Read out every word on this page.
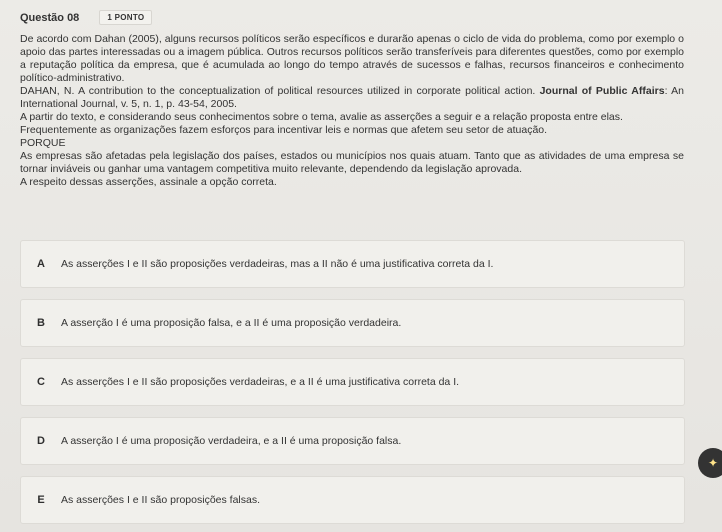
Questão 08	1 PONTO
De acordo com Dahan (2005), alguns recursos políticos serão específicos e durarão apenas o ciclo de vida do problema, como por exemplo o apoio das partes interessadas ou a imagem pública. Outros recursos políticos serão transferíveis para diferentes questões, como por exemplo a reputação política da empresa, que é acumulada ao longo do tempo através de sucessos e falhas, recursos financeiros e conhecimento político-administrativo.
DAHAN, N. A contribution to the conceptualization of political resources utilized in corporate political action. Journal of Public Affairs: An International Journal, v. 5, n. 1, p. 43-54, 2005.
A partir do texto, e considerando seus conhecimentos sobre o tema, avalie as asserções a seguir e a relação proposta entre elas.
Frequentemente as organizações fazem esforços para incentivar leis e normas que afetem seu setor de atuação.
PORQUE
As empresas são afetadas pela legislação dos países, estados ou municípios nos quais atuam. Tanto que as atividades de uma empresa se tornar inviáveis ou ganhar uma vantagem competitiva muito relevante, dependendo da legislação aprovada.
A respeito dessas asserções, assinale a opção correta.
A	As asserções I e II são proposições verdadeiras, mas a II não é uma justificativa correta da I.
B	A asserção I é uma proposição falsa, e a II é uma proposição verdadeira.
C	As asserções I e II são proposições verdadeiras, e a II é uma justificativa correta da I.
D	A asserção I é uma proposição verdadeira, e a II é uma proposição falsa.
E	As asserções I e II são proposições falsas.
✦
